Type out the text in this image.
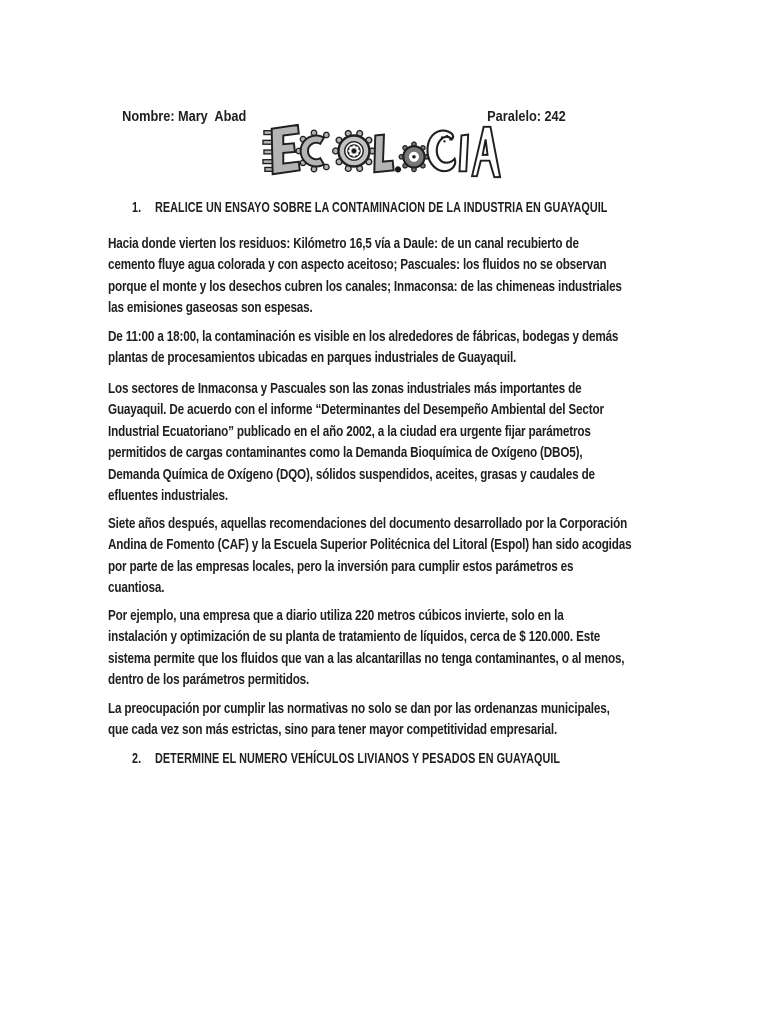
Nombre: Mary  Abad
	Paralelo: 242

1. REALICE UN ENSAYO SOBRE LA CONTAMINACION DE LA INDUSTRIA EN GUAYAQUIL
Hacia donde vierten los residuos: Kilómetro 16,5 vía a Daule: de un canal recubierto de
cemento fluye agua colorada y con aspecto aceitoso; Pascuales: los fluidos no se observan
porque el monte y los desechos cubren los canales; Inmaconsa: de las chimeneas industriales
las emisiones gaseosas son espesas.
De 11:00 a 18:00, la contaminación es visible en los alrededores de fábricas, bodegas y demás
plantas de procesamientos ubicadas en parques industriales de Guayaquil.
Los sectores de Inmaconsa y Pascuales son las zonas industriales más importantes de
Guayaquil. De acuerdo con el informe “Determinantes del Desempeño Ambiental del Sector
Industrial Ecuatoriano” publicado en el año 2002, a la ciudad era urgente fijar parámetros
permitidos de cargas contaminantes como la Demanda Bioquímica de Oxígeno (DBO5),
Demanda Química de Oxígeno (DQO), sólidos suspendidos, aceites, grasas y caudales de
efluentes industriales.
Siete años después, aquellas recomendaciones del documento desarrollado por la Corporación
Andina de Fomento (CAF) y la Escuela Superior Politécnica del Litoral (Espol) han sido acogidas
por parte de las empresas locales, pero la inversión para cumplir estos parámetros es
cuantiosa.
Por ejemplo, una empresa que a diario utiliza 220 metros cúbicos invierte, solo en la
instalación y optimización de su planta de tratamiento de líquidos, cerca de $ 120.000. Este
sistema permite que los fluidos que van a las alcantarillas no tenga contaminantes, o al menos,
dentro de los parámetros permitidos.
La preocupación por cumplir las normativas no solo se dan por las ordenanzas municipales,
que cada vez son más estrictas, sino para tener mayor competitividad empresarial.
2. DETERMINE EL NUMERO VEHÍCULOS LIVIANOS Y PESADOS EN GUAYAQUIL
